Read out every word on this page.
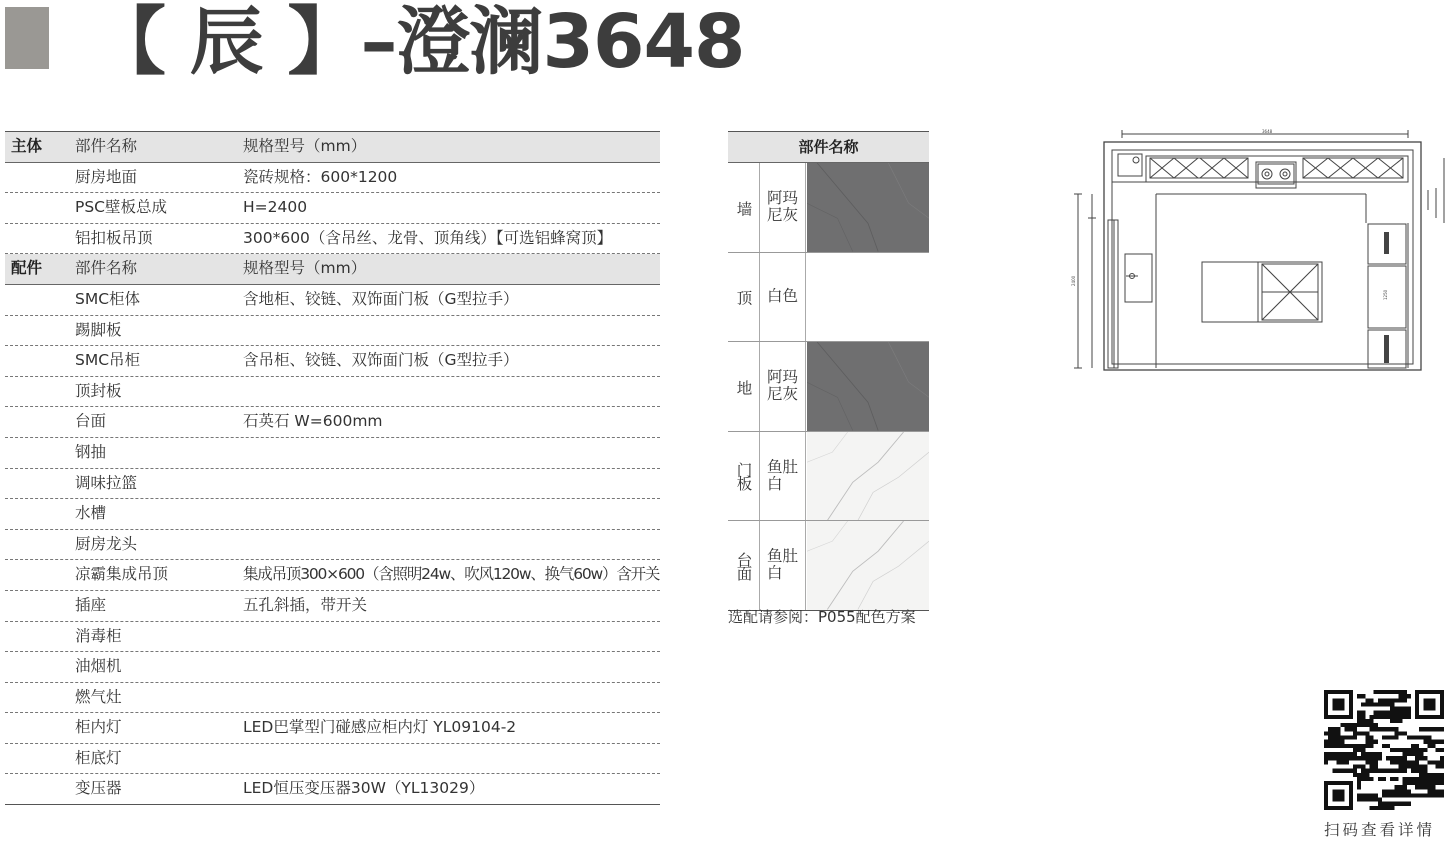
【 辰 】–澄澜3648
主体 部件名称	规格型号（mm）
厨房地面	瓷砖规格：600*1200
PSC壁板总成	H=2400
铝扣板吊顶	300*600（含吊丝、龙骨、顶角线）【可选铝蜂窝顶】
配件 部件名称	规格型号（mm）
SMC柜体	含地柜、铰链、双饰面门板（G型拉手）
踢脚板
SMC吊柜	含吊柜、铰链、双饰面门板（G型拉手）
顶封板
台面	石英石 W=600mm
钢抽
调味拉篮
水槽
厨房龙头
凉霸集成吊顶	集成吊顶300×600（含照明24w、吹风120w、换气60w）含开关
插座	五孔斜插，带开关
消毒柜
油烟机
燃气灶
柜内灯	LED巴掌型门碰感应柜内灯 YL09104-2
柜底灯
变压器	LED恒压变压器30W（YL13029）
部件名称
墙 阿玛尼灰
顶 白色
地 阿玛尼灰
门板 鱼肚白
台面 鱼肚白
选配请参阅：P055配色方案
3648
2400
1250
扫码查看详情
